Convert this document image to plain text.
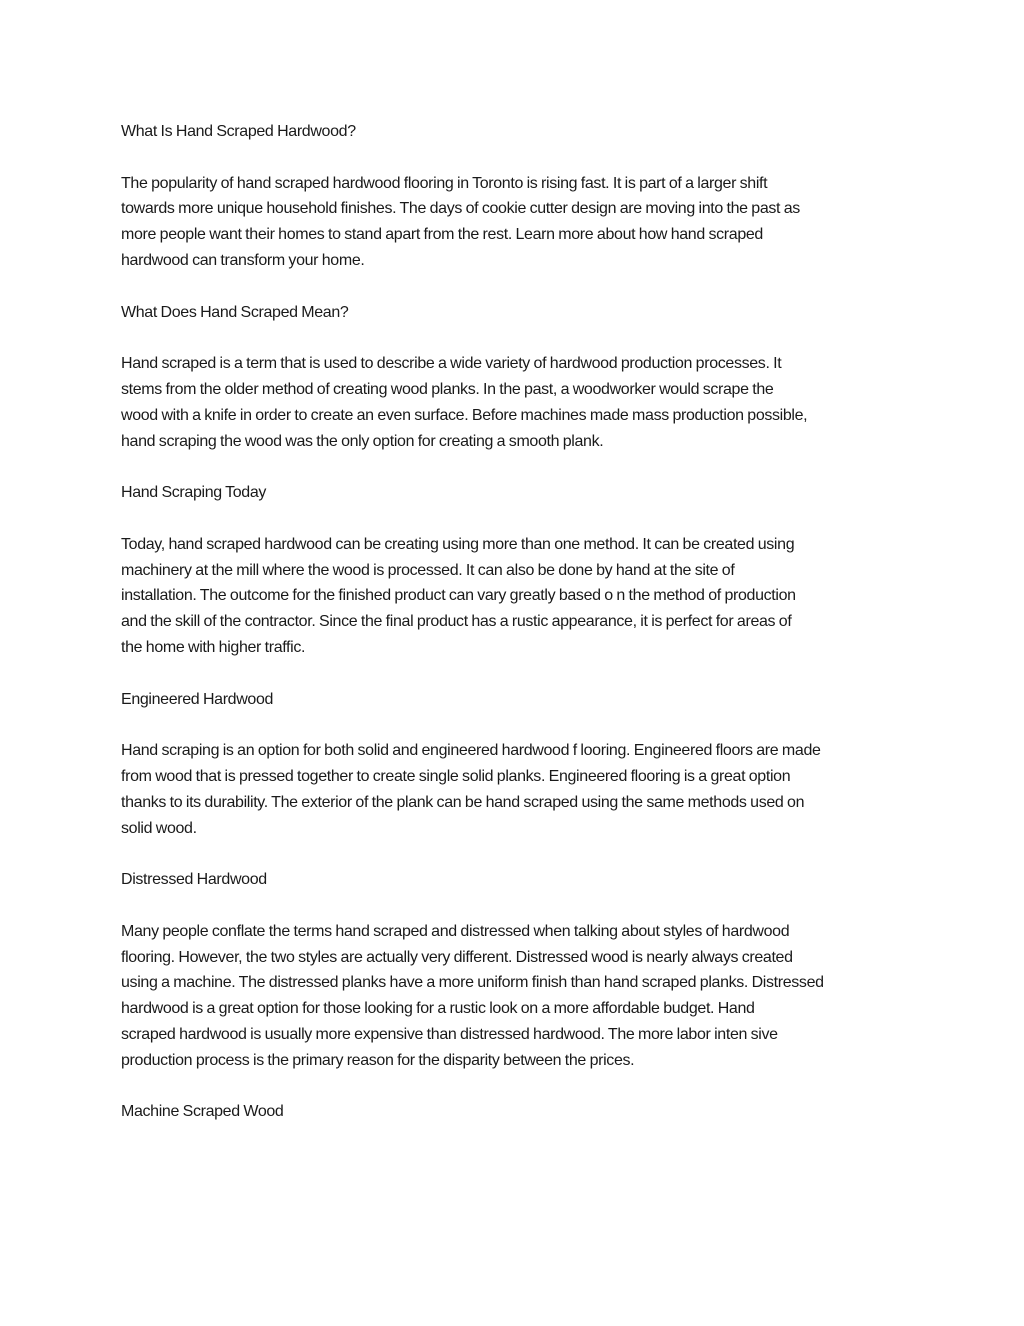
What Is Hand Scraped Hardwood?
The popularity of hand scraped hardwood flooring in Toronto is rising fast. It is part of a larger shift
towards more unique household finishes. The days of cookie cutter design are moving into the past as
more people want their homes to stand apart from the rest. Learn more about how hand scraped
hardwood can transform your home.
What Does Hand Scraped Mean?
Hand scraped is a term that is used to describe a wide variety of hardwood production processes. It
stems from the older method of creating wood planks. In the past, a woodworker would scrape the
wood with a knife in order to create an even surface. Before machines made mass production possible,
hand scraping the wood was the only option for creating a smooth plank.
Hand Scraping Today
Today, hand scraped hardwood can be creating using more than one method. It can be created using
machinery at the mill where the wood is processed. It can also be done by hand at the site of
installation. The outcome for the finished product can vary greatly based o n the method of production
and the skill of the contractor. Since the final product has a rustic appearance, it is perfect for areas of
the home with higher traffic.
Engineered Hardwood
Hand scraping is an option for both solid and engineered hardwood f looring. Engineered floors are made
from wood that is pressed together to create single solid planks. Engineered flooring is a great option
thanks to its durability. The exterior of the plank can be hand scraped using the same methods used on
solid wood.
Distressed Hardwood
Many people conflate the terms hand scraped and distressed when talking about styles of hardwood
flooring. However, the two styles are actually very different. Distressed wood is nearly always created
using a machine. The distressed planks have a more uniform finish than hand scraped planks. Distressed
hardwood is a great option for those looking for a rustic look on a more affordable budget. Hand
scraped hardwood is usually more expensive than distressed hardwood. The more labor inten sive
production process is the primary reason for the disparity between the prices.
Machine Scraped Wood
